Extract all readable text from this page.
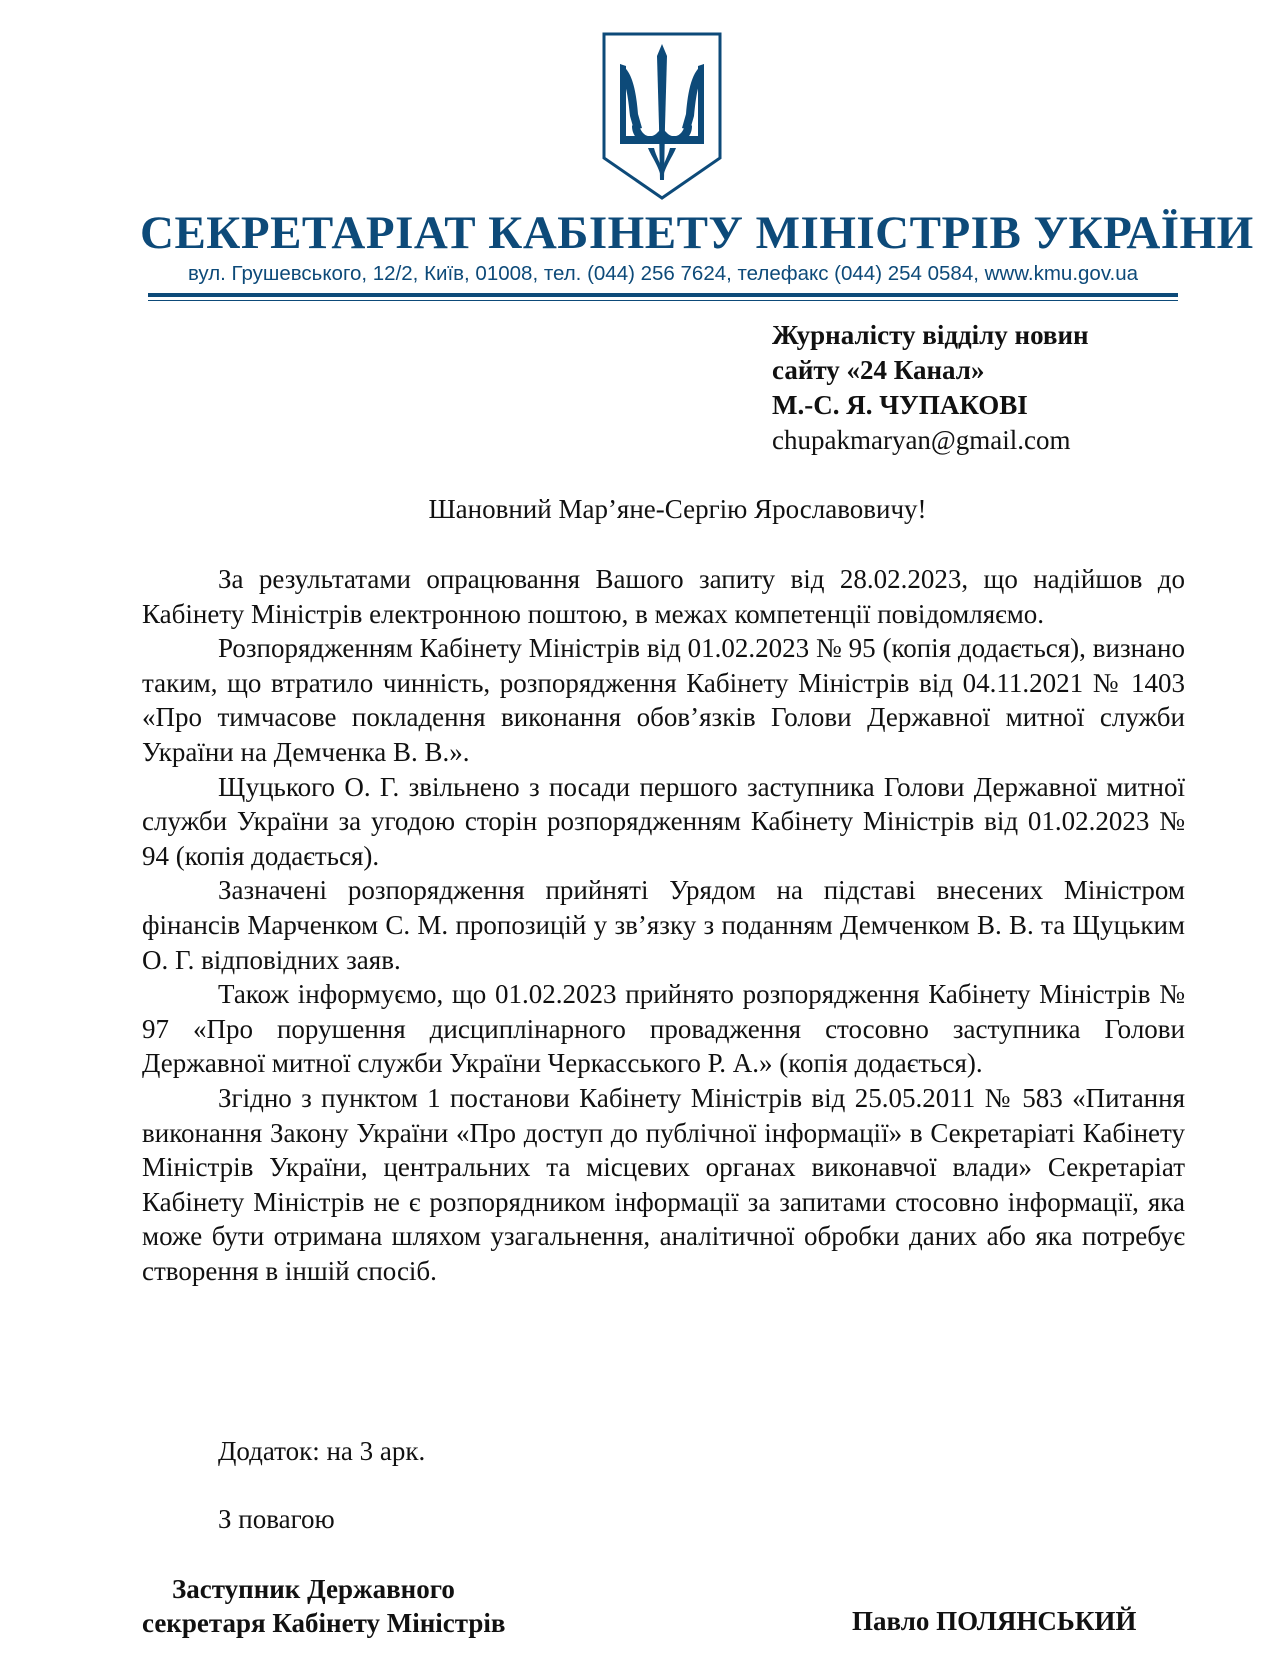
СЕКРЕТАРІАТ КАБІНЕТУ МІНІСТРІВ УКРАЇНИ
вул. Грушевського, 12/2, Київ, 01008, тел. (044) 256 7624, телефакс (044) 254 0584, www.kmu.gov.ua
Журналісту відділу новин
сайту «24 Канал»
М.-С. Я. ЧУПАКОВІ
chupakmaryan@gmail.com
Шановний Мар’яне-Сергію Ярославовичу!

За результатами опрацювання Вашого запиту від 28.02.2023, що надійшов до Кабінету Міністрів електронною поштою, в межах компетенції повідомляємо.

Розпорядженням Кабінету Міністрів від 01.02.2023 № 95 (копія додається), визнано таким, що втратило чинність, розпорядження Кабінету Міністрів від 04.11.2021 № 1403 «Про тимчасове покладення виконання обов’язків Голови Державної митної служби України на Демченка В. В.».

Щуцького О. Г. звільнено з посади першого заступника Голови Державної митної служби України за угодою сторін розпорядженням Кабінету Міністрів від 01.02.2023 № 94 (копія додається).

Зазначені розпорядження прийняті Урядом на підставі внесених Міністром фінансів Марченком С. М. пропозицій у зв’язку з поданням Демченком В. В. та Щуцьким О. Г. відповідних заяв.

Також інформуємо, що 01.02.2023 прийнято розпорядження Кабінету Міністрів № 97 «Про порушення дисциплінарного провадження стосовно заступника Голови Державної митної служби України Черкасського Р. А.» (копія додається).

Згідно з пунктом 1 постанови Кабінету Міністрів від 25.05.2011 № 583 «Питання виконання Закону України «Про доступ до публічної інформації» в Секретаріаті Кабінету Міністрів України, центральних та місцевих органах виконавчої влади» Секретаріат Кабінету Міністрів не є розпорядником інформації за запитами стосовно інформації, яка може бути отримана шляхом узагальнення, аналітичної обробки даних або яка потребує створення в іншій спосіб.

Додаток: на 3 арк.
З повагою
Заступник Державного
секретаря Кабінету Міністрів	Павло ПОЛЯНСЬКИЙ
